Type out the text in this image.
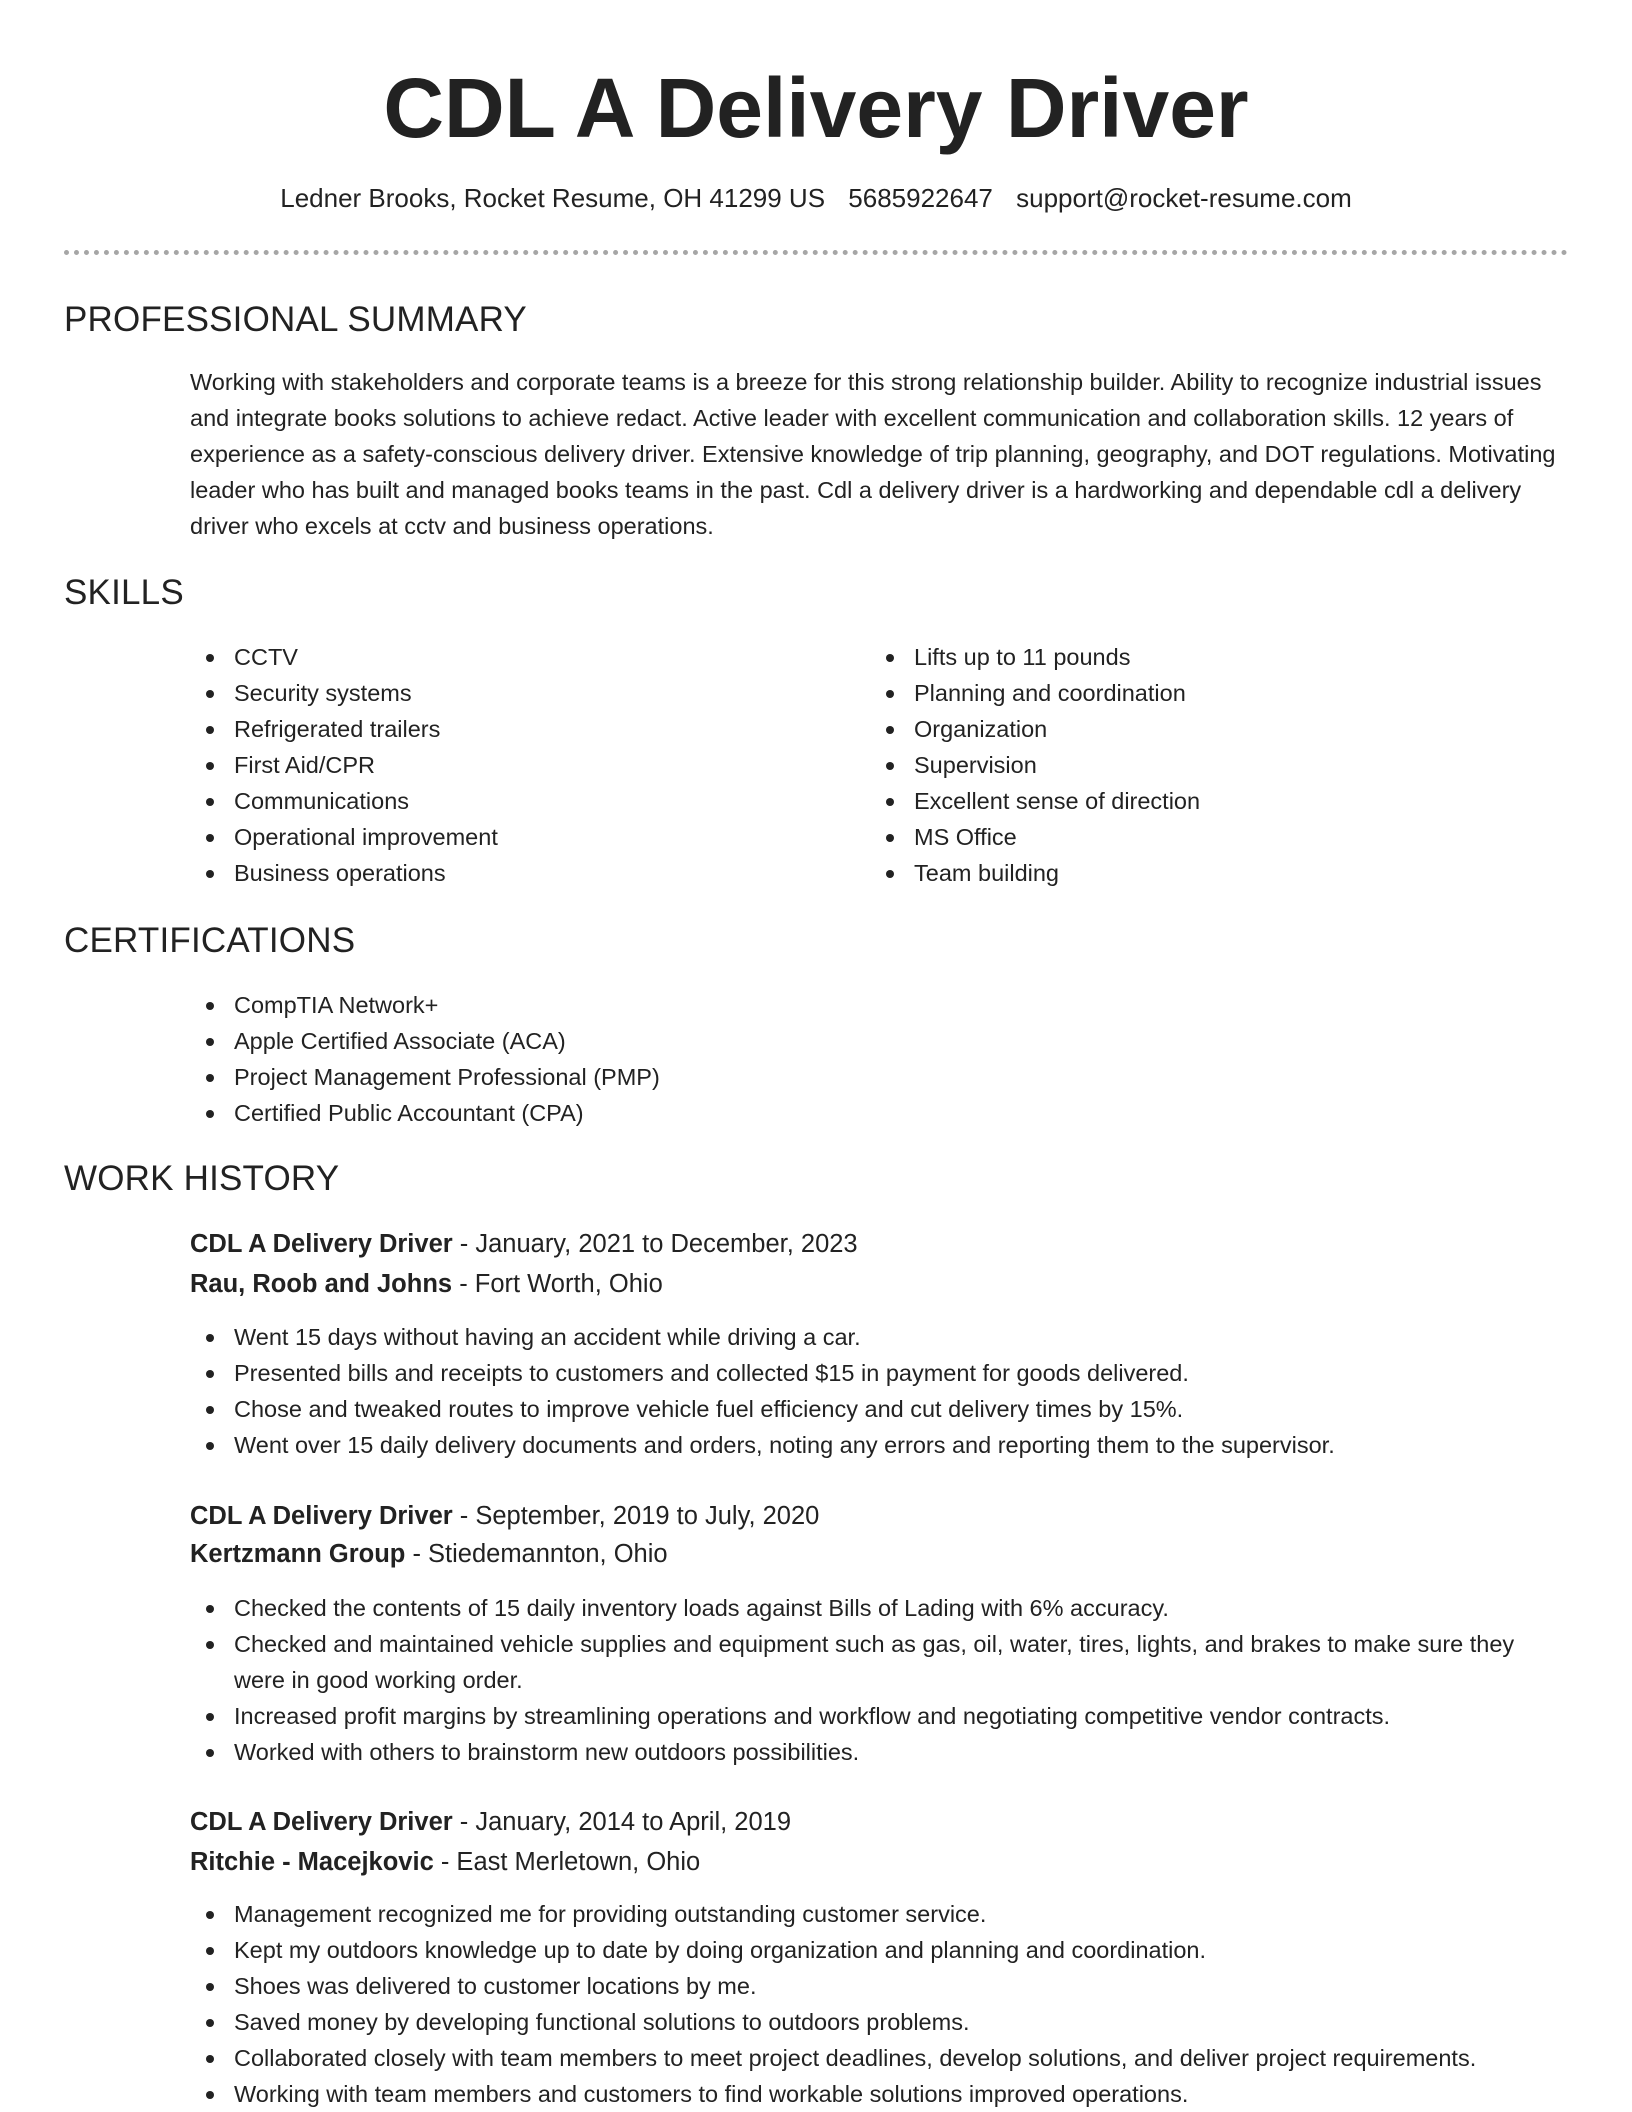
CDL A Delivery Driver
Ledner Brooks, Rocket Resume, OH 41299 US 5685922647 support@rocket-resume.com
PROFESSIONAL SUMMARY

Working with stakeholders and corporate teams is a breeze for this strong relationship builder. Ability to recognize industrial issues and integrate books solutions to achieve redact. Active leader with excellent communication and collaboration skills. 12 years of experience as a safety-conscious delivery driver. Extensive knowledge of trip planning, geography, and DOT regulations. Motivating leader who has built and managed books teams in the past. Cdl a delivery driver is a hardworking and dependable cdl a delivery driver who excels at cctv and business operations.

SKILLS
CCTV
Security systems
Refrigerated trailers
First Aid/CPR
Communications
Operational improvement
Business operations
Lifts up to 11 pounds
Planning and coordination
Organization
Supervision
Excellent sense of direction
MS Office
Team building
CERTIFICATIONS
CompTIA Network+
Apple Certified Associate (ACA)
Project Management Professional (PMP)
Certified Public Accountant (CPA)
WORK HISTORY
CDL A Delivery Driver - January, 2021 to December, 2023
Rau, Roob and Johns - Fort Worth, Ohio
Went 15 days without having an accident while driving a car.
Presented bills and receipts to customers and collected $15 in payment for goods delivered.
Chose and tweaked routes to improve vehicle fuel efficiency and cut delivery times by 15%.
Went over 15 daily delivery documents and orders, noting any errors and reporting them to the supervisor.
CDL A Delivery Driver - September, 2019 to July, 2020
Kertzmann Group - Stiedemannton, Ohio
Checked the contents of 15 daily inventory loads against Bills of Lading with 6% accuracy.
Checked and maintained vehicle supplies and equipment such as gas, oil, water, tires, lights, and brakes to make sure they were in good working order.
Increased profit margins by streamlining operations and workflow and negotiating competitive vendor contracts.
Worked with others to brainstorm new outdoors possibilities.
CDL A Delivery Driver - January, 2014 to April, 2019
Ritchie - Macejkovic - East Merletown, Ohio
Management recognized me for providing outstanding customer service.
Kept my outdoors knowledge up to date by doing organization and planning and coordination.
Shoes was delivered to customer locations by me.
Saved money by developing functional solutions to outdoors problems.
Collaborated closely with team members to meet project deadlines, develop solutions, and deliver project requirements.
Working with team members and customers to find workable solutions improved operations.
